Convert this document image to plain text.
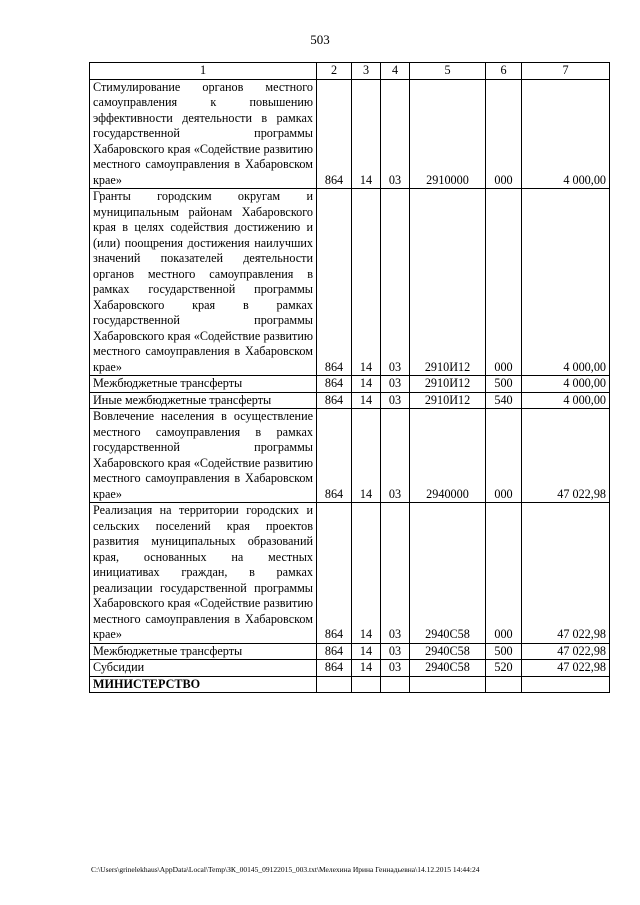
503
1	2	3	4	5	6	7
Стимулирование органов местного самоуправления к повышению эффективности деятельности в рамках государственной программы Хабаровского края «Содействие развитию местного самоуправления в Хабаровском крае»	864	14	03	2910000	000	4 000,00
Гранты городским округам и муниципальным районам Хабаровского края в целях содействия достижению и (или) поощрения достижения наилучших значений показателей деятельности органов местного самоуправления в рамках государственной программы Хабаровского края в рамках государственной программы Хабаровского края «Содействие развитию местного самоуправления в Хабаровском крае»	864	14	03	2910И12	000	4 000,00
Межбюджетные трансферты	864	14	03	2910И12	500	4 000,00
Иные межбюджетные трансферты	864	14	03	2910И12	540	4 000,00
Вовлечение населения в осуществление местного самоуправления в рамках государственной программы Хабаровского края «Содействие развитию местного самоуправления в Хабаровском крае»	864	14	03	2940000	000	47 022,98
Реализация на территории городских и сельских поселений края проектов развития муниципальных образований края, основанных на местных инициативах граждан, в рамках реализации государственной программы Хабаровского края «Содействие развитию местного самоуправления в Хабаровском крае»	864	14	03	2940С58	000	47 022,98
Межбюджетные трансферты	864	14	03	2940С58	500	47 022,98
Субсидии	864	14	03	2940С58	520	47 022,98
МИНИСТЕРСТВО						
C:\Users\grinelekhaus\AppData\Local\Temp\ЗК_00145_09122015_003.txt\Мелехина Ирина Геннадьевна\14.12.2015 14:44:24
